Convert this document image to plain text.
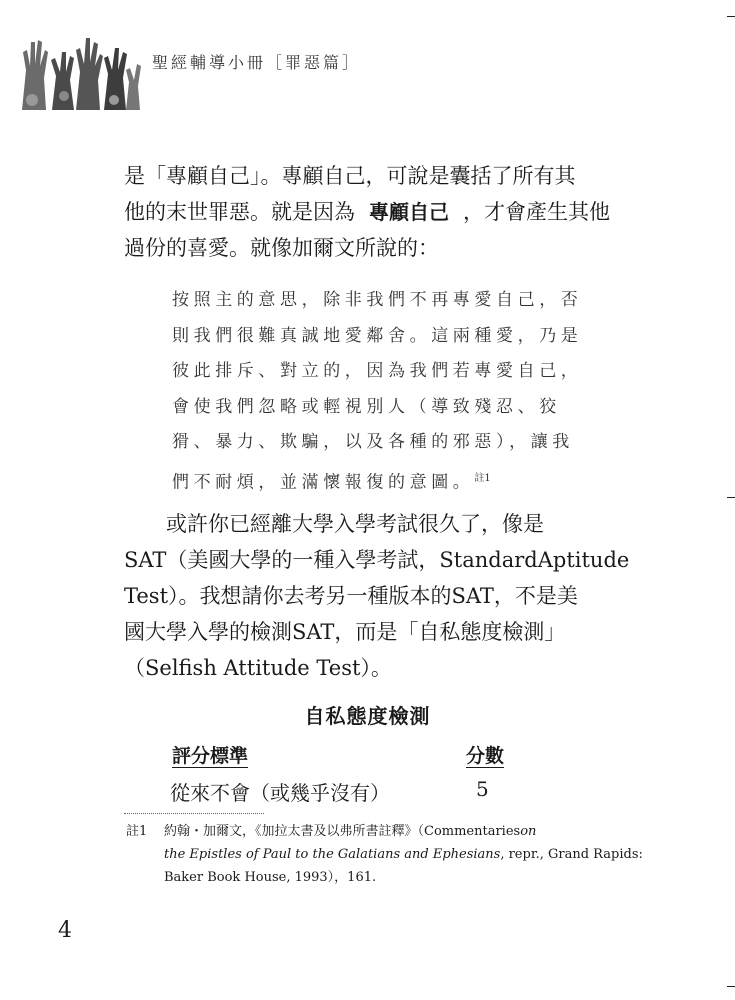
聖經輔導小冊［罪惡篇］
是「專顧自己」。專顧自己，可說是囊括了所有其
他的末世罪惡。就是因為 專顧自己 ，才會產生其他
過份的喜愛。就像加爾文所說的：
按照主的意思，除非我們不再專愛自己，否
則我們很難真誠地愛鄰舍。這兩種愛，乃是
彼此排斥、對立的，因為我們若專愛自己，
會使我們忽略或輕視別人（導致殘忍、狡
猾、暴力、欺騙，以及各種的邪惡），讓我
們不耐煩，並滿懷報復的意圖。$^{註1}$
或許你已經離大學入學考試很久了，像是
SAT（美國大學的一種入學考試，Standard Aptitude
Test）。我想請你去考另一種版本的SAT，不是美
國大學入學的檢測SAT，而是「自私態度檢測」
（Selfish Attitude Test）。
自私態度檢測
評分標準	分數
從來不會（或幾乎沒有）	5
註1	約翰・加爾文，《加拉太書及以弗所書註釋》（Commentarieson
the Epistles of Paul to the Galatians and Ephesians, repr., Grand Rapids:
Baker Book House, 1993），161.
4
